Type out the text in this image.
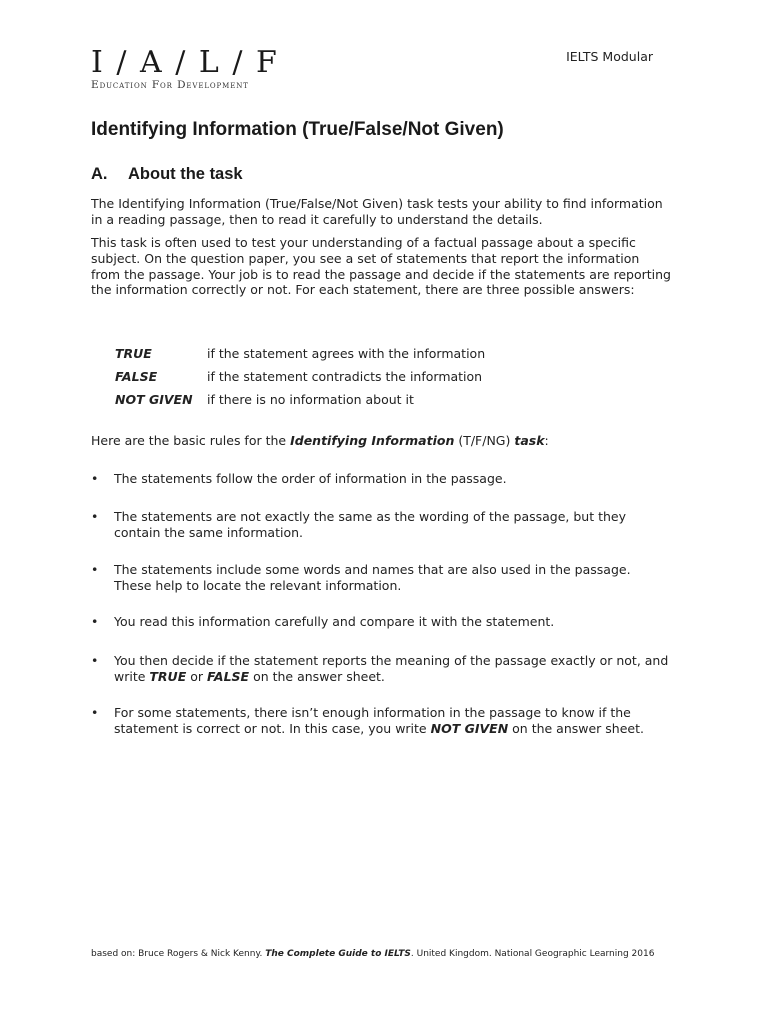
I / A / L / F
Education For Development
IELTS Modular
Identifying Information (True/False/Not Given)
A. About the task

The Identifying Information (True/False/Not Given) task tests your ability to find information in a reading passage, then to read it carefully to understand the details.

This task is often used to test your understanding of a factual passage about a specific subject. On the question paper, you see a set of statements that report the information from the passage. Your job is to read the passage and decide if the statements are reporting the information correctly or not. For each statement, there are three possible answers:

TRUE	if the statement agrees with the information
FALSE	if the statement contradicts the information
NOT GIVEN	if there is no information about it

Here are the basic rules for the Identifying Information (T/F/NG) task:

• The statements follow the order of information in the passage.
• The statements are not exactly the same as the wording of the passage, but they contain the same information.
• The statements include some words and names that are also used in the passage. These help to locate the relevant information.
• You read this information carefully and compare it with the statement.
• You then decide if the statement reports the meaning of the passage exactly or not, and write TRUE or FALSE on the answer sheet.
• For some statements, there isn’t enough information in the passage to know if the statement is correct or not. In this case, you write NOT GIVEN on the answer sheet.
based on: Bruce Rogers & Nick Kenny. The Complete Guide to IELTS. United Kingdom. National Geographic Learning 2016
